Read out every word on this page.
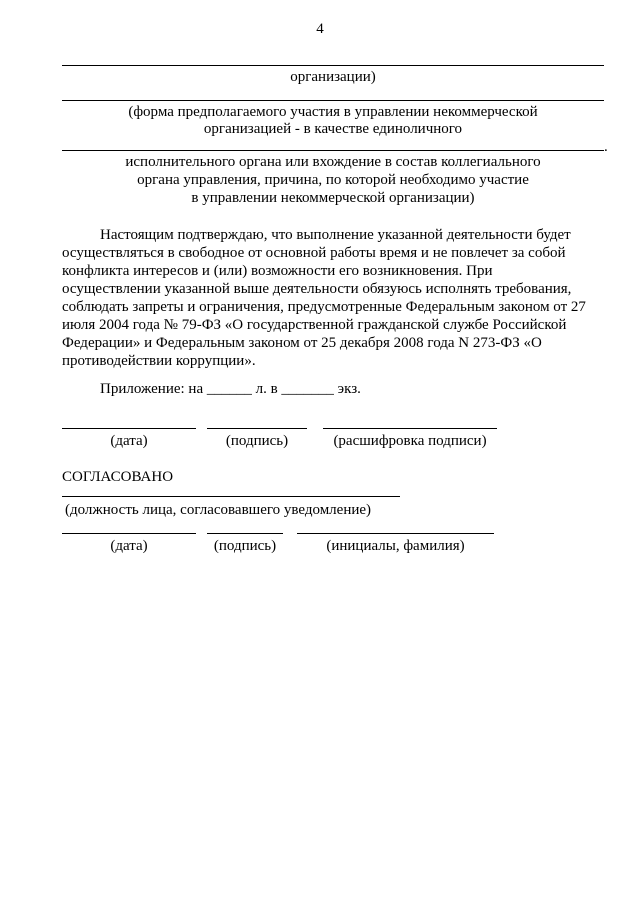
4
организации)
(форма предполагаемого участия в управлении некоммерческой
организацией - в качестве единоличного
.
исполнительного органа или вхождение в состав коллегиального
органа управления, причина, по которой необходимо участие
в управлении некоммерческой организации)
Настоящим подтверждаю, что выполнение указанной деятельности будет
осуществляться в свободное от основной работы время и не повлечет за собой
конфликта интересов и (или) возможности его возникновения. При
осуществлении указанной выше деятельности обязуюсь исполнять требования,
соблюдать запреты и ограничения, предусмотренные Федеральным законом от 27
июля 2004 года № 79-ФЗ «О государственной гражданской службе Российской
Федерации» и Федеральным законом от 25 декабря 2008 года N 273-ФЗ «О
противодействии коррупции».
Приложение: на ______ л. в _______ экз.
(дата)	(подпись)	(расшифровка подписи)
СОГЛАСОВАНО
(должность лица, согласовавшего уведомление)
(дата)	(подпись)	(инициалы, фамилия)
